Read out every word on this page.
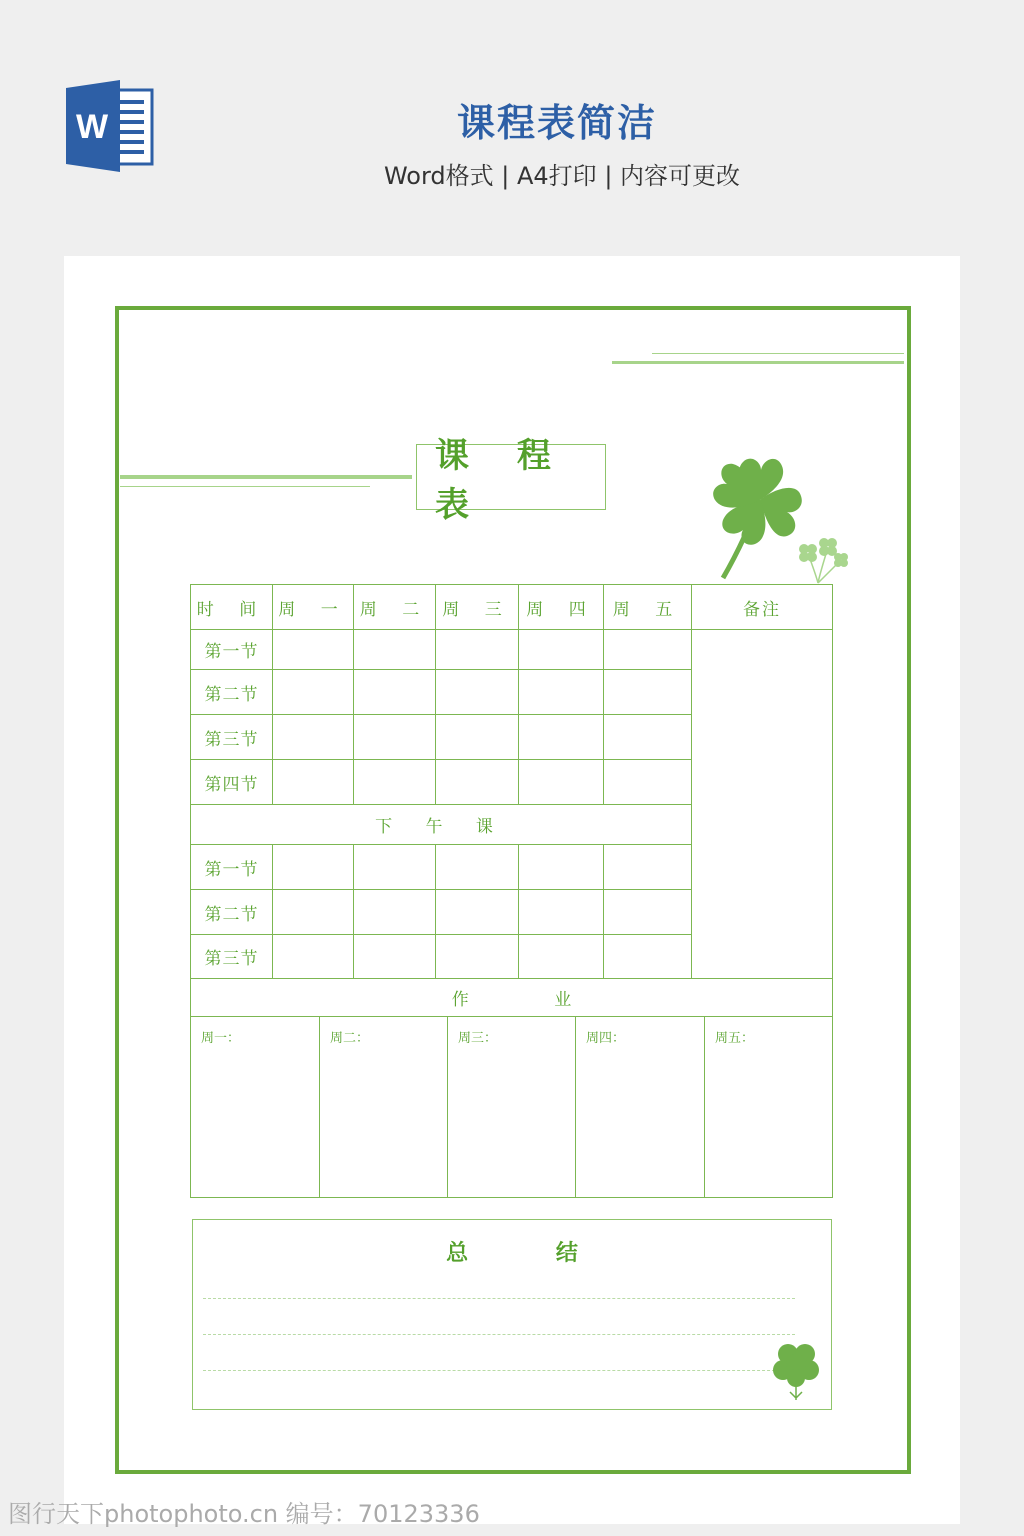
W	课程表简洁
Word格式 | A4打印 | 内容可更改
课 程 表
时 间	周 一	周 二	周 三	周 四	周 五	备注
第一节						
第二节						
第三节						
第四节						
下 午 课						
第一节						
第二节						
第三节						
作 业
周一：	周二：	周三：	周四：	周五：
总 结
图行天下photophoto.cn 编号：70123336
